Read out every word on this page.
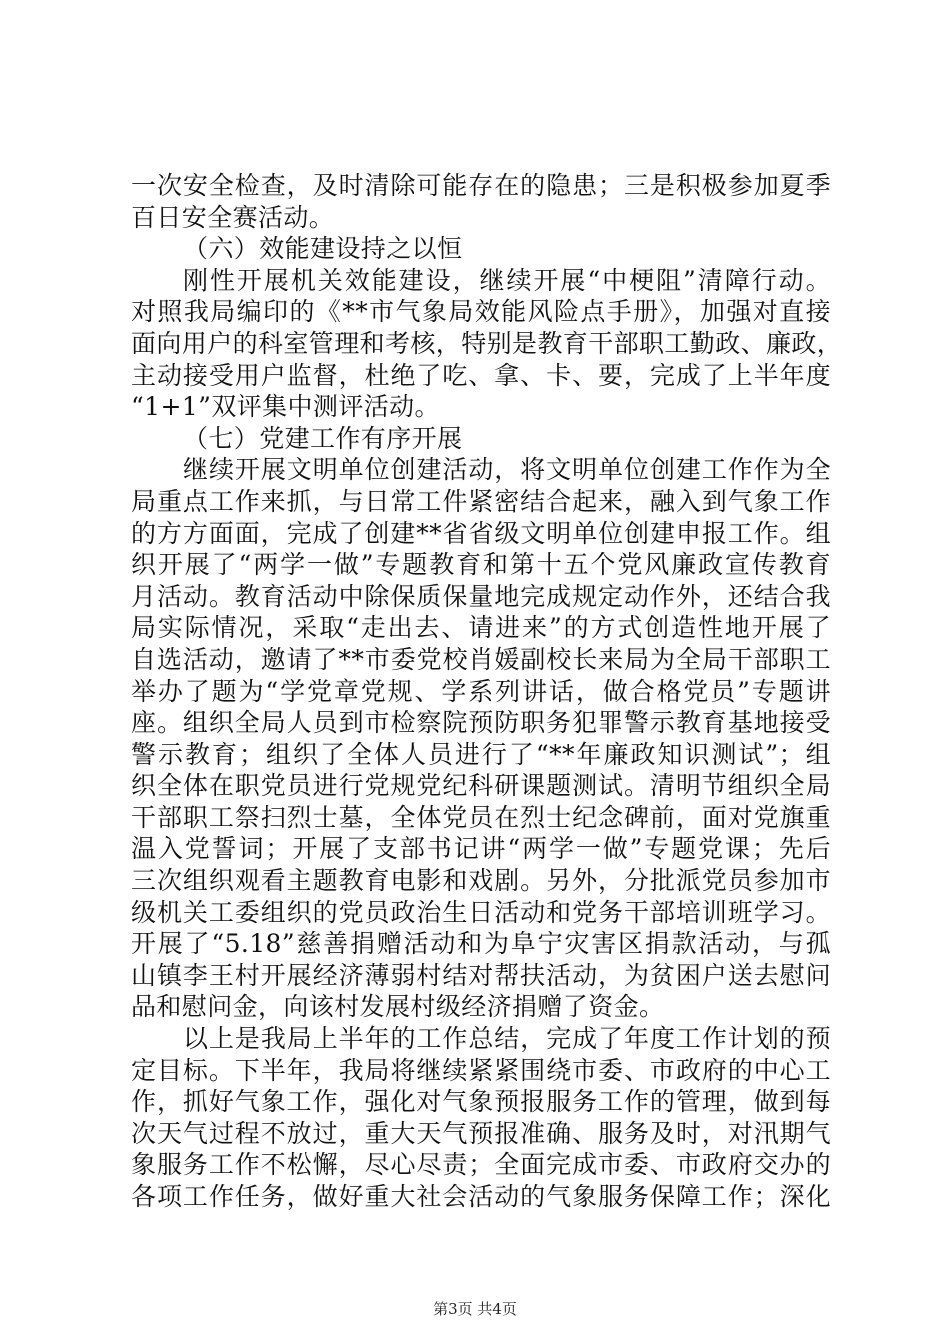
一次安全检查，及时清除可能存在的隐患；三是积极参加夏季
百日安全赛活动。
（六）效能建设持之以恒
刚性开展机关效能建设，继续开展“中梗阻”清障行动。
对照我局编印的《**市气象局效能风险点手册》，加强对直接
面向用户的科室管理和考核，特别是教育干部职工勤政、廉政，
主动接受用户监督，杜绝了吃、拿、卡、要，完成了上半年度
“1+1”双评集中测评活动。
（七）党建工作有序开展
继续开展文明单位创建活动，将文明单位创建工作作为全
局重点工作来抓，与日常工件紧密结合起来，融入到气象工作
的方方面面，完成了创建**省省级文明单位创建申报工作。组
织开展了“两学一做”专题教育和第十五个党风廉政宣传教育
月活动。教育活动中除保质保量地完成规定动作外，还结合我
局实际情况，采取“走出去、请进来”的方式创造性地开展了
自选活动，邀请了**市委党校肖媛副校长来局为全局干部职工
举办了题为“学党章党规、学系列讲话，做合格党员”专题讲
座。组织全局人员到市检察院预防职务犯罪警示教育基地接受
警示教育；组织了全体人员进行了“**年廉政知识测试”；组
织全体在职党员进行党规党纪科研课题测试。清明节组织全局
干部职工祭扫烈士墓，全体党员在烈士纪念碑前，面对党旗重
温入党誓词；开展了支部书记讲“两学一做”专题党课；先后
三次组织观看主题教育电影和戏剧。另外，分批派党员参加市
级机关工委组织的党员政治生日活动和党务干部培训班学习。
开展了“5.18”慈善捐赠活动和为阜宁灾害区捐款活动，与孤
山镇李王村开展经济薄弱村结对帮扶活动，为贫困户送去慰问
品和慰问金，向该村发展村级经济捐赠了资金。
以上是我局上半年的工作总结，完成了年度工作计划的预
定目标。下半年，我局将继续紧紧围绕市委、市政府的中心工
作，抓好气象工作，强化对气象预报服务工作的管理，做到每
次天气过程不放过，重大天气预报准确、服务及时，对汛期气
象服务工作不松懈，尽心尽责；全面完成市委、市政府交办的
各项工作任务，做好重大社会活动的气象服务保障工作；深化
第3页 共4页
